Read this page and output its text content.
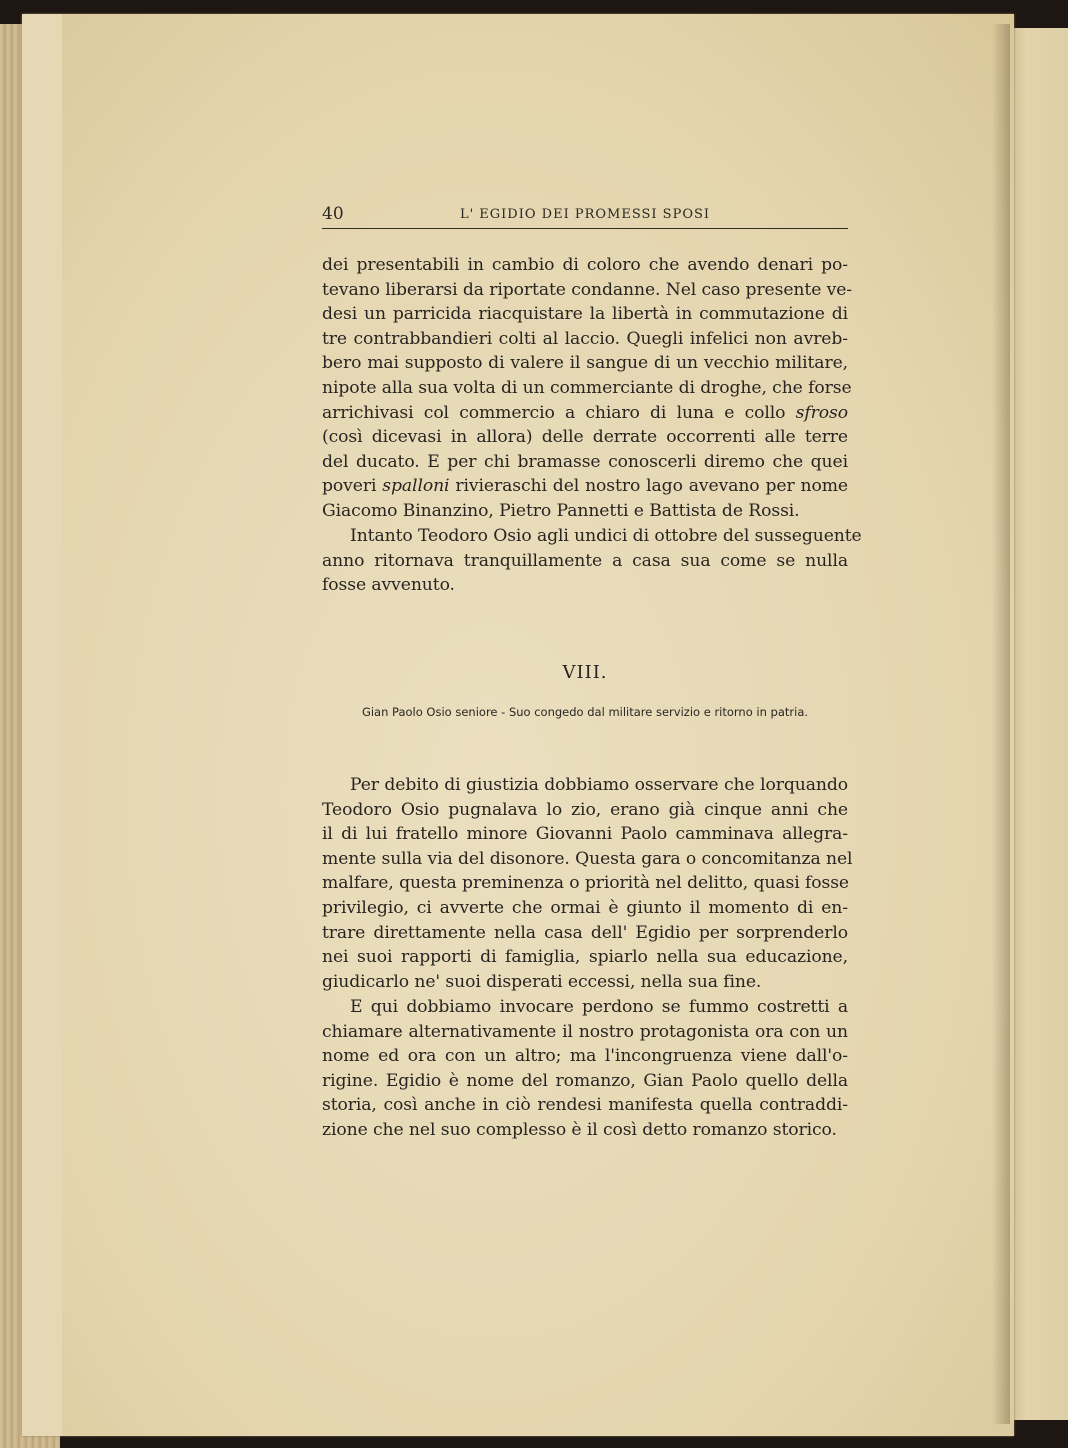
40	L' EGIDIO DEI PROMESSI SPOSI

dei presentabili in cambio di coloro che avendo denari po-
tevano liberarsi da riportate condanne. Nel caso presente ve-
desi un parricida riacquistare la libertà in commutazione di
tre contrabbandieri colti al laccio. Quegli infelici non avreb-
bero mai supposto di valere il sangue di un vecchio militare,
nipote alla sua volta di un commerciante di droghe, che forse
arrichivasi col commercio a chiaro di luna e collo sfroso
(così dicevasi in allora) delle derrate occorrenti alle terre
del ducato. E per chi bramasse conoscerli diremo che quei
poveri spalloni rivieraschi del nostro lago avevano per nome
Giacomo Binanzino, Pietro Pannetti e Battista de Rossi.

Intanto Teodoro Osio agli undici di ottobre del susseguente
anno ritornava tranquillamente a casa sua come se nulla
fosse avvenuto.

VIII.
Gian Paolo Osio seniore - Suo congedo dal militare servizio e ritorno in patria.

Per debito di giustizia dobbiamo osservare che lorquando
Teodoro Osio pugnalava lo zio, erano già cinque anni che
il di lui fratello minore Giovanni Paolo camminava allegra-
mente sulla via del disonore. Questa gara o concomitanza nel
malfare, questa preminenza o priorità nel delitto, quasi fosse
privilegio, ci avverte che ormai è giunto il momento di en-
trare direttamente nella casa dell' Egidio per sorprenderlo
nei suoi rapporti di famiglia, spiarlo nella sua educazione,
giudicarlo ne' suoi disperati eccessi, nella sua fine.

E qui dobbiamo invocare perdono se fummo costretti a
chiamare alternativamente il nostro protagonista ora con un
nome ed ora con un altro; ma l'incongruenza viene dall'o-
rigine. Egidio è nome del romanzo, Gian Paolo quello della
storia, così anche in ciò rendesi manifesta quella contraddi-
zione che nel suo complesso è il così detto romanzo storico.
